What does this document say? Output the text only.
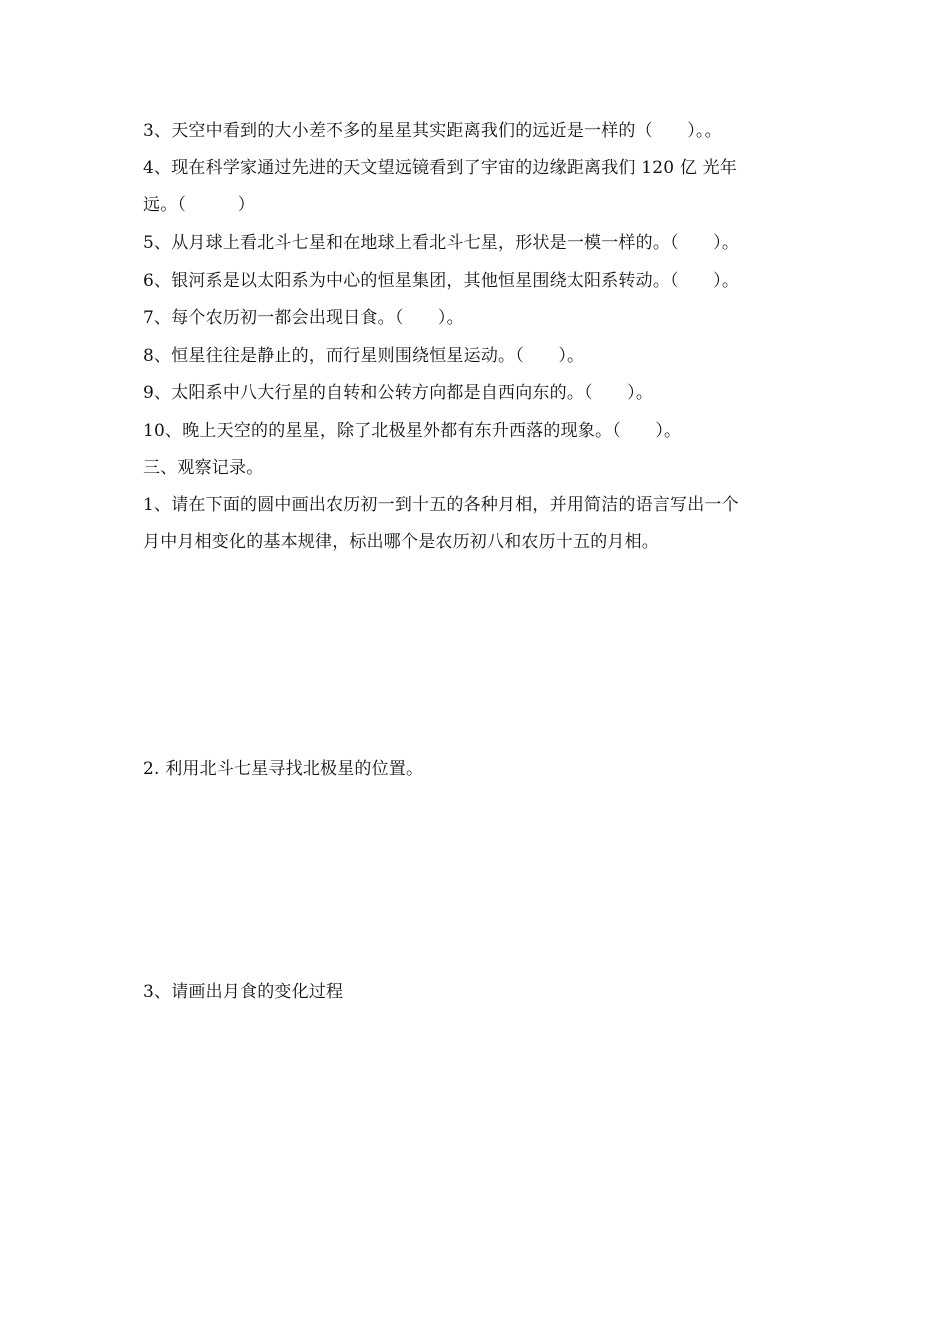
3、天空中看到的大小差不多的星星其实距离我们的远近是一样的（　　）。。
4、现在科学家通过先进的天文望远镜看到了宇宙的边缘距离我们 120 亿 光年
远。（　　　）
5、从月球上看北斗七星和在地球上看北斗七星，形状是一模一样的。（　　）。
6、银河系是以太阳系为中心的恒星集团，其他恒星围绕太阳系转动。（　　）。
7、每个农历初一都会出现日食。（　　）。
8、恒星往往是静止的，而行星则围绕恒星运动。（　　）。
9、太阳系中八大行星的自转和公转方向都是自西向东的。（　　）。
10、晚上天空的的星星，除了北极星外都有东升西落的现象。（　　）。
三、观察记录。
1、请在下面的圆中画出农历初一到十五的各种月相，并用简洁的语言写出一个
月中月相变化的基本规律，标出哪个是农历初八和农历十五的月相。
2. 利用北斗七星寻找北极星的位置。
3、请画出月食的变化过程
